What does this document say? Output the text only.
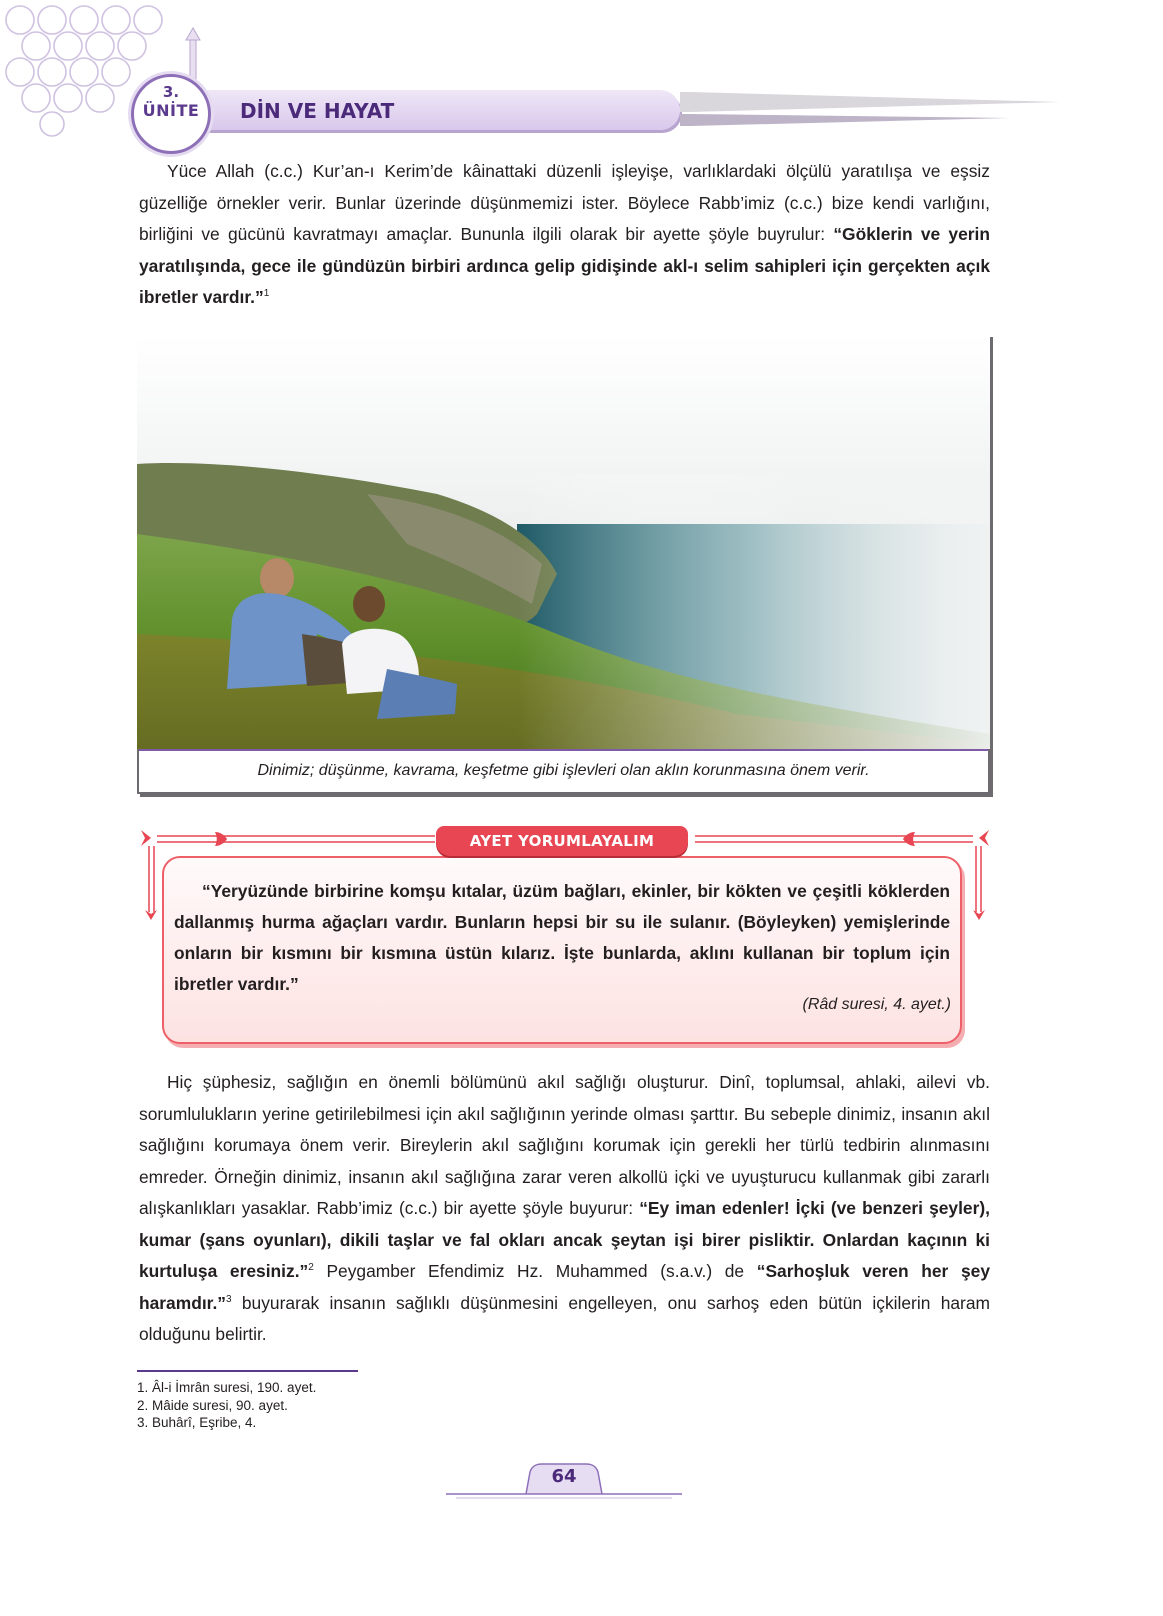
3.
ÜNİTE	DİN VE HAYAT

Yüce Allah (c.c.) Kur’an-ı Kerim’de kâinattaki düzenli işleyişe, varlıklardaki ölçülü yaratılışa ve eşsiz güzelliğe örnekler verir. Bunlar üzerinde düşünmemizi ister. Böylece Rabb’imiz (c.c.) bize kendi varlığını, birliğini ve gücünü kavratmayı amaçlar. Bununla ilgili olarak bir ayette şöyle buyrulur: “Göklerin ve yerin yaratılışında, gece ile gündüzün birbiri ardınca gelip gidişinde akl-ı selim sahipleri için gerçekten açık ibretler vardır.”$^1$

Dinimiz; düşünme, kavrama, keşfetme gibi işlevleri olan aklın korunmasına önem verir.
AYET YORUMLAYALIM

“Yeryüzünde birbirine komşu kıtalar, üzüm bağları, ekinler, bir kökten ve çeşitli köklerden dallanmış hurma ağaçları vardır. Bunların hepsi bir su ile sulanır. (Böyleyken) yemişlerinde onların bir kısmını bir kısmına üstün kılarız. İşte bunlarda, aklını kullanan bir toplum için ibretler vardır.”

(Râd suresi, 4. ayet.)

Hiç şüphesiz, sağlığın en önemli bölümünü akıl sağlığı oluşturur. Dinî, toplumsal, ahlaki, ailevi vb. sorumlulukların yerine getirilebilmesi için akıl sağlığının yerinde olması şarttır. Bu sebeple dinimiz, insanın akıl sağlığını korumaya önem verir. Bireylerin akıl sağlığını korumak için gerekli her türlü tedbirin alınmasını emreder. Örneğin dinimiz, insanın akıl sağlığına zarar veren alkollü içki ve uyuşturucu kullanmak gibi zararlı alışkanlıkları yasaklar. Rabb’imiz (c.c.) bir ayette şöyle buyurur: “Ey iman edenler! İçki (ve benzeri şeyler), kumar (şans oyunları), dikili taşlar ve fal okları ancak şeytan işi birer pisliktir. Onlardan kaçının ki kurtuluşa eresiniz.”$^2$ Peygamber Efendimiz Hz. Muhammed (s.a.v.) de “Sarhoşluk veren her şey haramdır.”$^3$ buyurarak insanın sağlıklı düşünmesini engelleyen, onu sarhoş eden bütün içkilerin haram olduğunu belirtir.

1. Âl-i İmrân suresi, 190. ayet.
2. Mâide suresi, 90. ayet.
3. Buhârî, Eşribe, 4.
64
